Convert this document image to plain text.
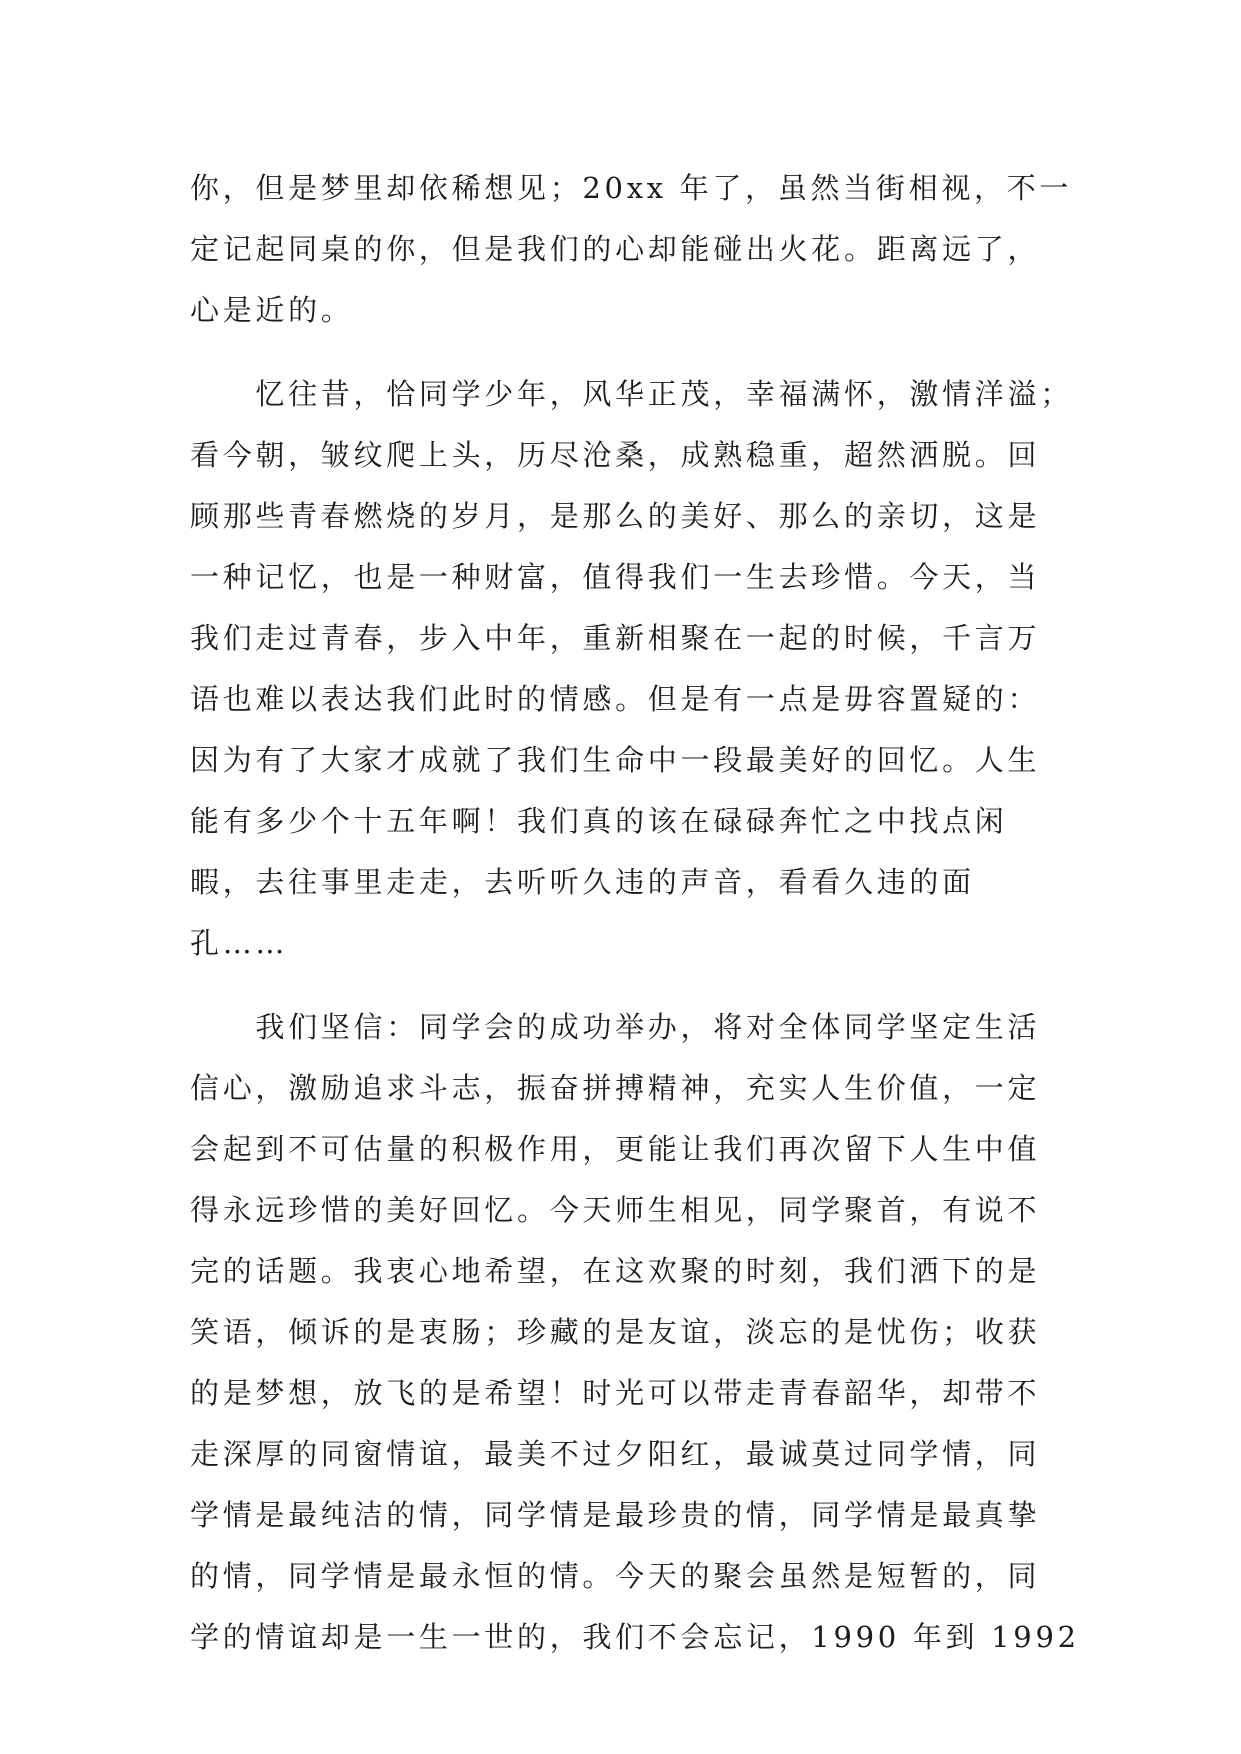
你，但是梦里却依稀想见；20xx 年了，虽然当街相视，不一
定记起同桌的你，但是我们的心却能碰出火花。距离远了，
心是近的。
　　忆往昔，恰同学少年，风华正茂，幸福满怀，激情洋溢；
看今朝，皱纹爬上头，历尽沧桑，成熟稳重，超然洒脱。回
顾那些青春燃烧的岁月，是那么的美好、那么的亲切，这是
一种记忆，也是一种财富，值得我们一生去珍惜。今天，当
我们走过青春，步入中年，重新相聚在一起的时候，千言万
语也难以表达我们此时的情感。但是有一点是毋容置疑的：
因为有了大家才成就了我们生命中一段最美好的回忆。人生
能有多少个十五年啊！我们真的该在碌碌奔忙之中找点闲
暇，去往事里走走，去听听久违的声音，看看久违的面
孔……
　　我们坚信：同学会的成功举办，将对全体同学坚定生活
信心，激励追求斗志，振奋拼搏精神，充实人生价值，一定
会起到不可估量的积极作用，更能让我们再次留下人生中值
得永远珍惜的美好回忆。今天师生相见，同学聚首，有说不
完的话题。我衷心地希望，在这欢聚的时刻，我们洒下的是
笑语，倾诉的是衷肠；珍藏的是友谊，淡忘的是忧伤；收获
的是梦想，放飞的是希望！时光可以带走青春韶华，却带不
走深厚的同窗情谊，最美不过夕阳红，最诚莫过同学情，同
学情是最纯洁的情，同学情是最珍贵的情，同学情是最真挚
的情，同学情是最永恒的情。今天的聚会虽然是短暂的，同
学的情谊却是一生一世的，我们不会忘记，1990 年到 1992
